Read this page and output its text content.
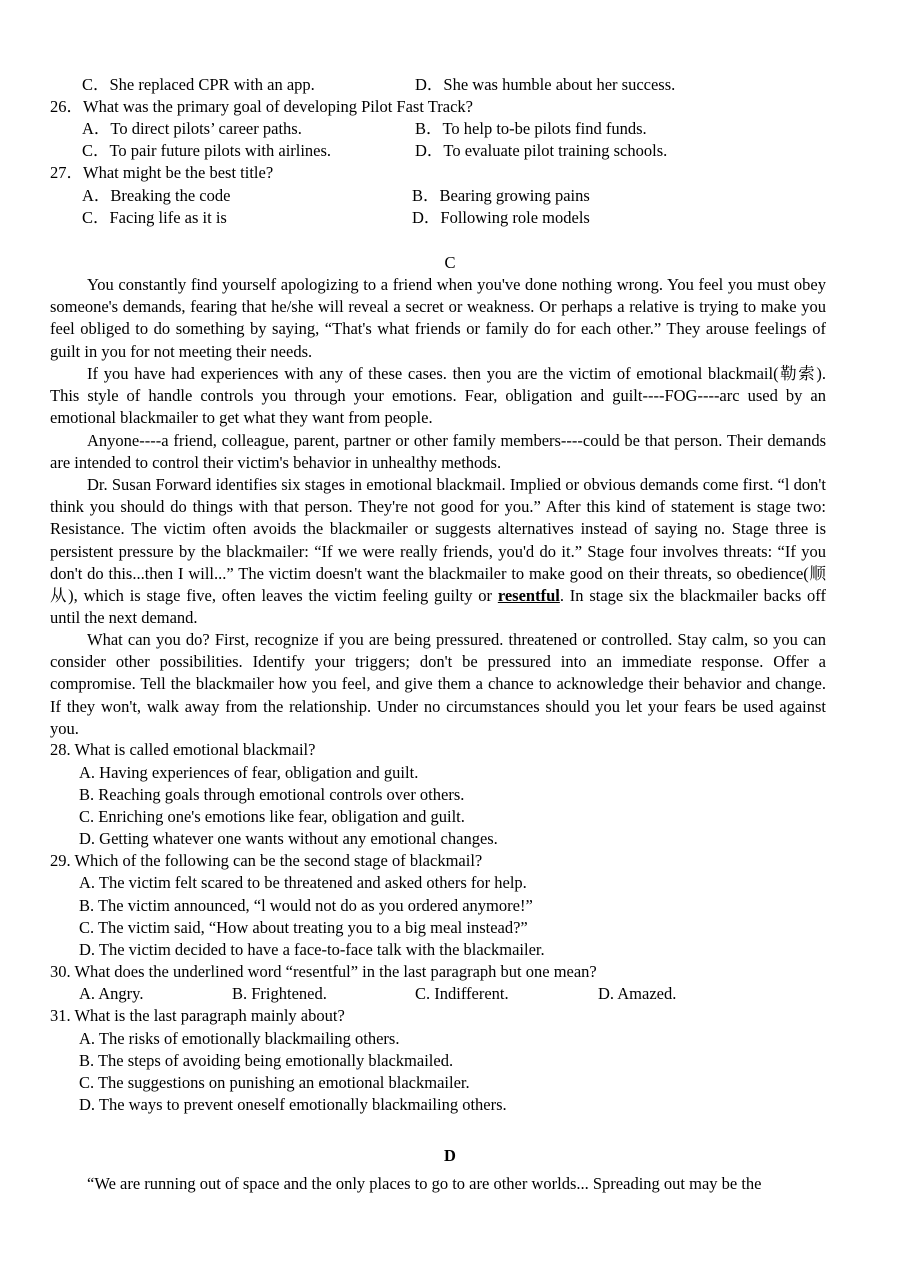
C．She replaced CPR with an app.	D．She was humble about her success.
26．What was the primary goal of developing Pilot Fast Track?
A．To direct pilots’ career paths.	B．To help to-be pilots find funds.
C．To pair future pilots with airlines.	D．To evaluate pilot training schools.
27．What might be the best title?
A．Breaking the code	B．Bearing growing pains
C．Facing life as it is	D．Following role models
C
You constantly find yourself apologizing to a friend when you've done nothing wrong. You feel you must obey someone's demands, fearing that he/she will reveal a secret or weakness. Or perhaps a relative is trying to make you feel obliged to do something by saying, “That's what friends or family do for each other.” They arouse feelings of guilt in you for not meeting their needs.
If you have had experiences with any of these cases. then you are the victim of emotional blackmail(勒索). This style of handle controls you through your emotions. Fear, obligation and guilt----FOG----arc used by an emotional blackmailer to get what they want from people.
Anyone----a friend, colleague, parent, partner or other family members----could be that person. Their demands are intended to control their victim's behavior in unhealthy methods.
Dr. Susan Forward identifies six stages in emotional blackmail. Implied or obvious demands come first. “l don't think you should do things with that person. They're not good for you.” After this kind of statement is stage two: Resistance. The victim often avoids the blackmailer or suggests alternatives instead of saying no. Stage three is persistent pressure by the blackmailer: “If we were really friends, you'd do it.” Stage four involves threats: “If you don't do this...then I will...” The victim doesn't want the blackmailer to make good on their threats, so obedience(顺从), which is stage five, often leaves the victim feeling guilty or resentful. In stage six the blackmailer backs off until the next demand.
What can you do? First, recognize if you are being pressured. threatened or controlled. Stay calm, so you can consider other possibilities. Identify your triggers; don't be pressured into an immediate response. Offer a compromise. Tell the blackmailer how you feel, and give them a chance to acknowledge their behavior and change. If they won't, walk away from the relationship. Under no circumstances should you let your fears be used against you.
28. What is called emotional blackmail?
A. Having experiences of fear, obligation and guilt.
B. Reaching goals through emotional controls over others.
C. Enriching one's emotions like fear, obligation and guilt.
D. Getting whatever one wants without any emotional changes.
29. Which of the following can be the second stage of blackmail?
A. The victim felt scared to be threatened and asked others for help.
B. The victim announced, “l would not do as you ordered anymore!”
C. The victim said, “How about treating you to a big meal instead?”
D. The victim decided to have a face-to-face talk with the blackmailer.
30. What does the underlined word “resentful” in the last paragraph but one mean?
A. Angry.	B. Frightened.	C. Indifferent.	D. Amazed.
31. What is the last paragraph mainly about?
A. The risks of emotionally blackmailing others.
B. The steps of avoiding being emotionally blackmailed.
C. The suggestions on punishing an emotional blackmailer.
D. The ways to prevent oneself emotionally blackmailing others.
D
“We are running out of space and the only places to go to are other worlds... Spreading out may be the
